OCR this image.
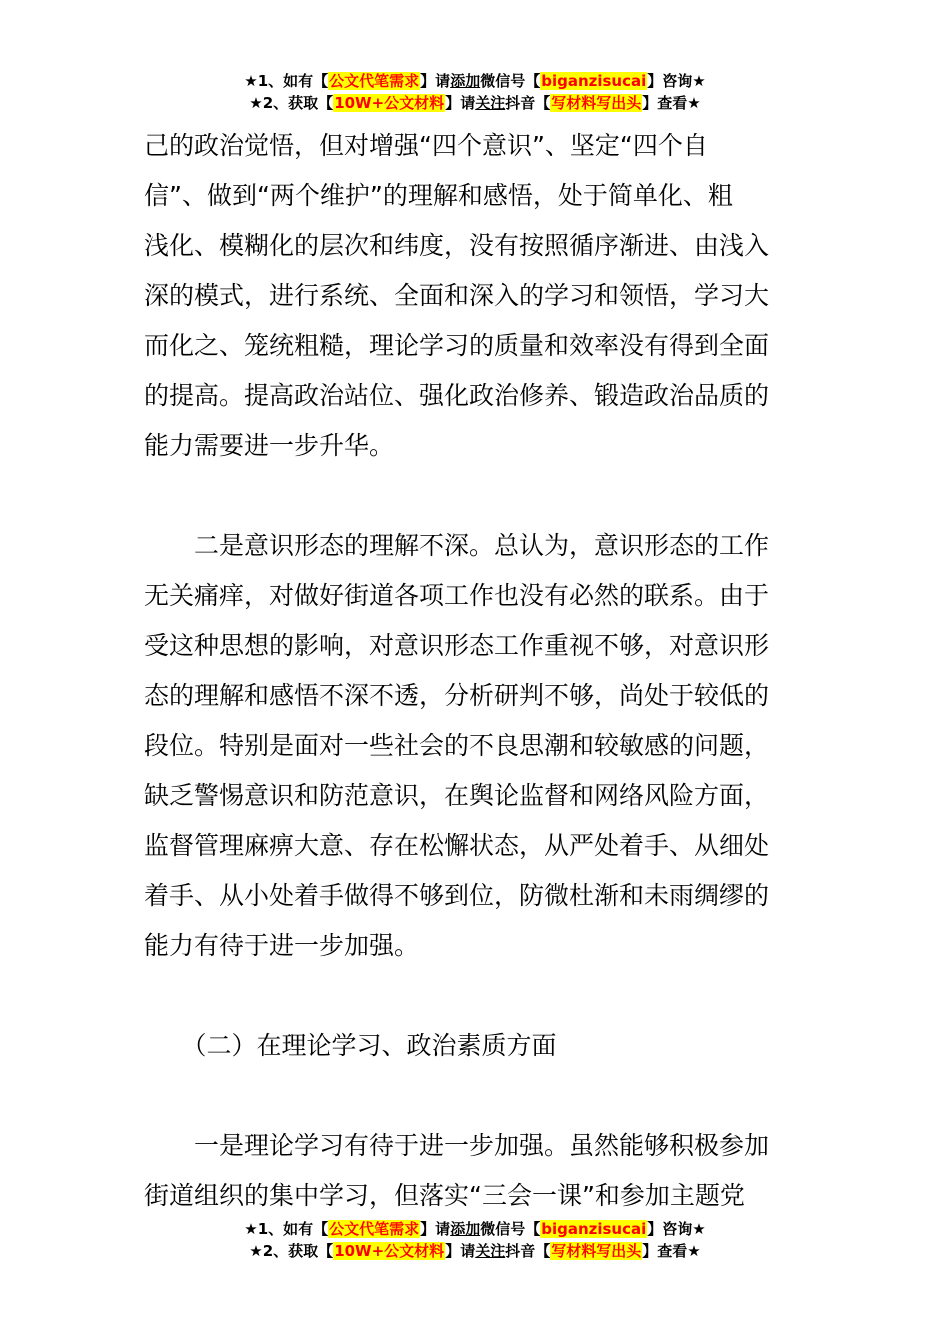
★1、如有【公文代笔需求】请添加微信号【biganzisucai】咨询★
★2、获取【10W+公文材料】请关注抖音【写材料写出头】查看★

己的政治觉悟，但对增强“四个意识”、坚定“四个自

信”、做到“两个维护”的理解和感悟，处于简单化、粗

浅化、模糊化的层次和纬度，没有按照循序渐进、由浅入

深的模式，进行系统、全面和深入的学习和领悟，学习大

而化之、笼统粗糙，理论学习的质量和效率没有得到全面

的提高。提高政治站位、强化政治修养、锻造政治品质的

能力需要进一步升华。

　　二是意识形态的理解不深。总认为，意识形态的工作

无关痛痒，对做好街道各项工作也没有必然的联系。由于

受这种思想的影响，对意识形态工作重视不够，对意识形

态的理解和感悟不深不透，分析研判不够，尚处于较低的

段位。特别是面对一些社会的不良思潮和较敏感的问题，

缺乏警惕意识和防范意识，在舆论监督和网络风险方面，

监督管理麻痹大意、存在松懈状态，从严处着手、从细处

着手、从小处着手做得不够到位，防微杜渐和未雨绸缪的

能力有待于进一步加强。

　　（二）在理论学习、政治素质方面

　　一是理论学习有待于进一步加强。虽然能够积极参加

街道组织的集中学习，但落实“三会一课”和参加主题党

★1、如有【公文代笔需求】请添加微信号【biganzisucai】咨询★
★2、获取【10W+公文材料】请关注抖音【写材料写出头】查看★
